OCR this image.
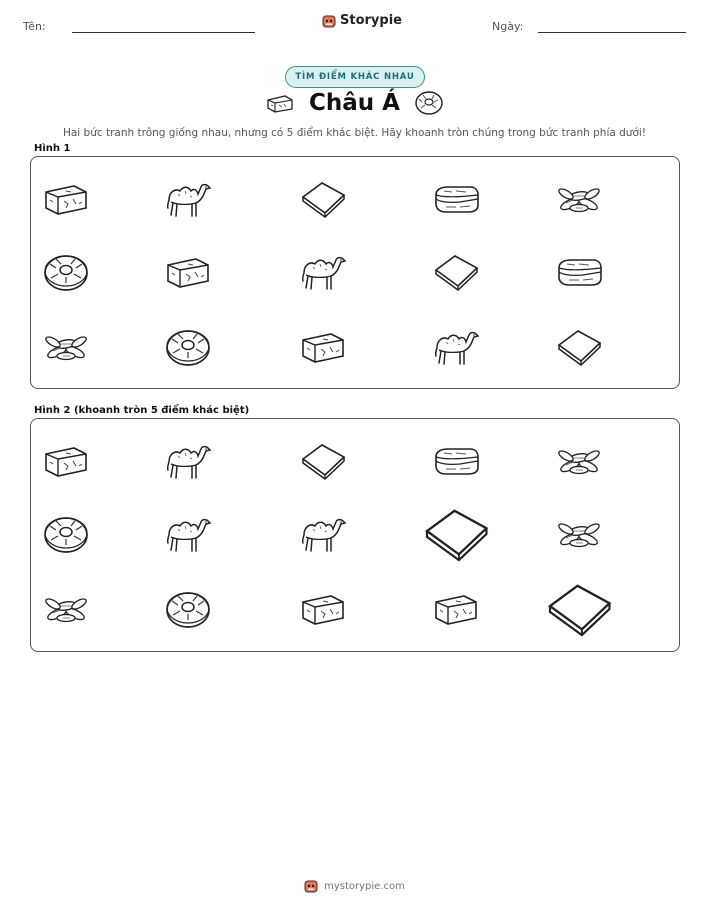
Tên:	Storypie	Ngày:
TÌM ĐIỂM KHÁC NHAU
Châu Á
Hai bức tranh trông giống nhau, nhưng có 5 điểm khác biệt. Hãy khoanh tròn chúng trong bức tranh phía dưới!
Hình 1
Hình 2 (khoanh tròn 5 điểm khác biệt)
mystorypie.com
